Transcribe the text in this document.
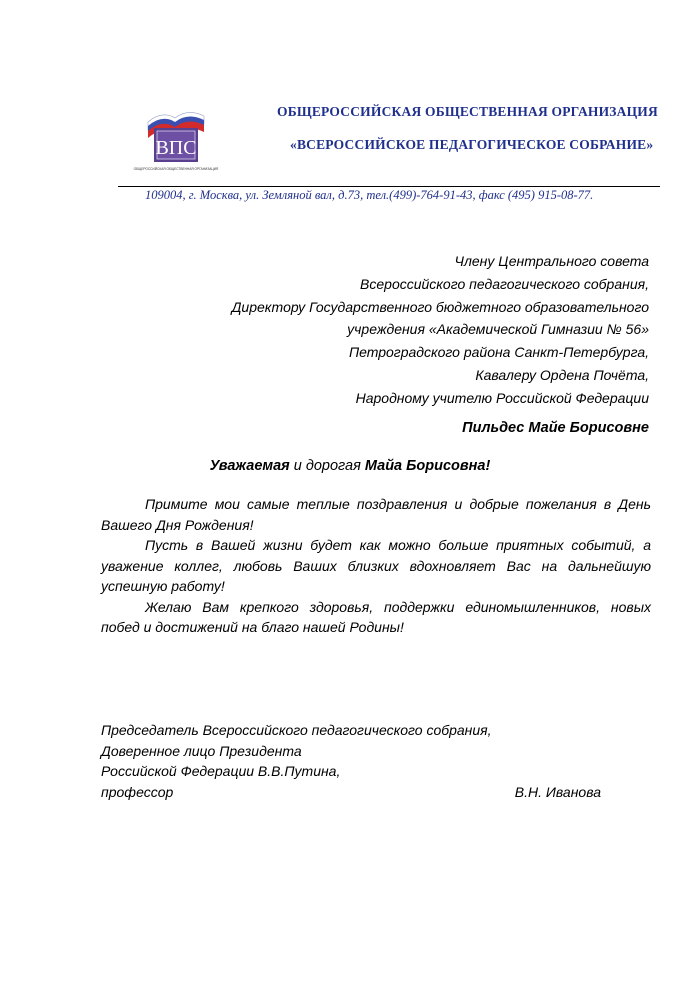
ВПС
ОБЩЕРОССИЙСКАЯ ОБЩЕСТВЕННАЯ ОРГАНИЗАЦИЯ
ОБЩЕРОССИЙСКАЯ ОБЩЕСТВЕННАЯ ОРГАНИЗАЦИЯ
«ВСЕРОССИЙСКОЕ ПЕДАГОГИЧЕСКОЕ СОБРАНИЕ»
109004, г. Москва, ул. Земляной вал, д.73, тел.(499)-764-91-43, факс (495) 915-08-77.
Члену Центрального совета
Всероссийского педагогического собрания,
Директору Государственного бюджетного образовательного
учреждения «Академической Гимназии № 56»
Петроградского района Санкт-Петербурга,
Кавалеру Ордена Почёта,
Народному учителю Российской Федерации
Пильдес Майе Борисовне
Уважаемая и дорогая Майа Борисовна!

Примите мои самые теплые поздравления и добрые пожелания в День Вашего Дня Рождения!

Пусть в Вашей жизни будет как можно больше приятных событий, а уважение коллег, любовь Ваших близких вдохновляет Вас на дальнейшую успешную работу!

Желаю Вам крепкого здоровья, поддержки единомышленников, новых побед и достижений на благо нашей Родины!

Председатель Всероссийского педагогического собрания,
Доверенное лицо Президента
Российской Федерации В.В.Путина,
профессор	В.Н. Иванова
